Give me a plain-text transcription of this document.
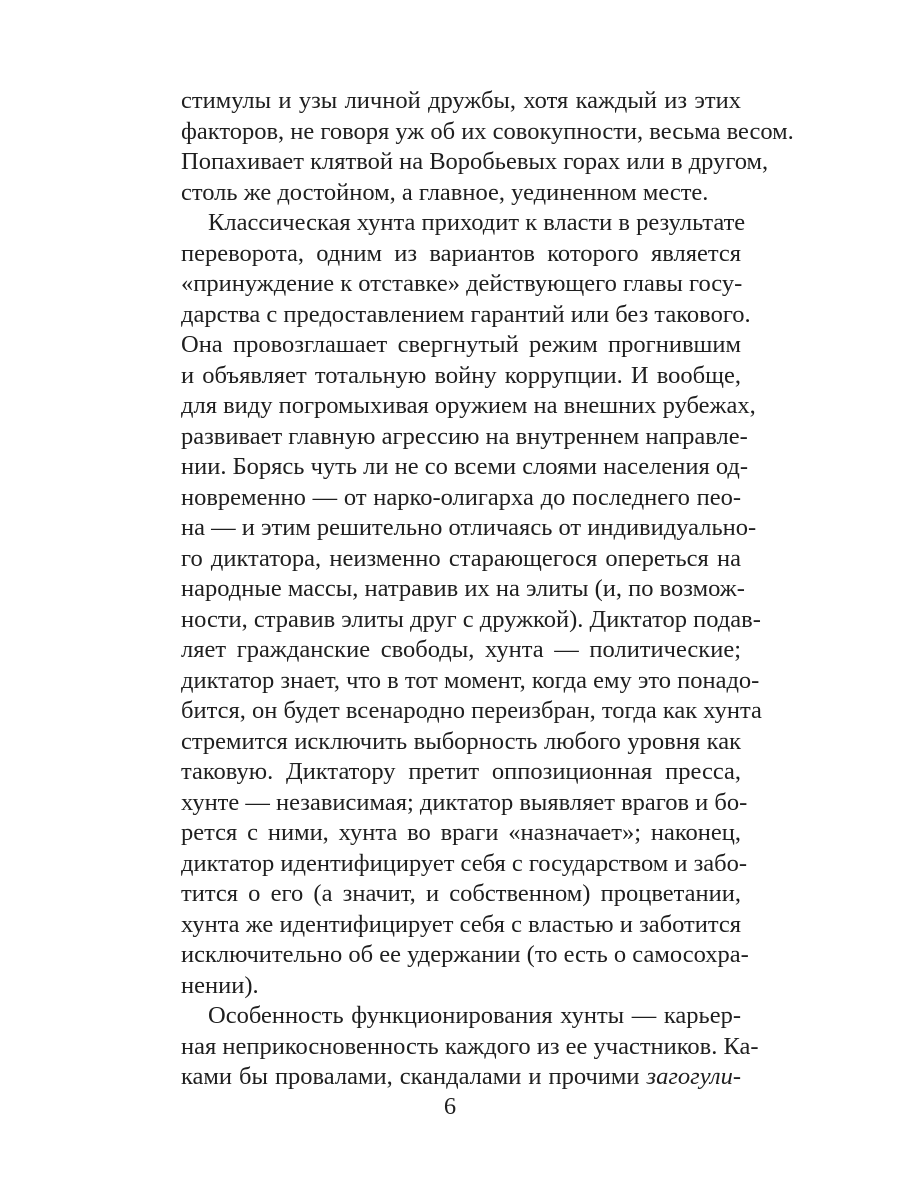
стимулы и узы личной дружбы, хотя каждый из этих
факторов, не говоря уж об их совокупности, весьма весом.
Попахивает клятвой на Воробьевых горах или в другом,
столь же достойном, а главное, уединенном месте.
Классическая хунта приходит к власти в результате
переворота, одним из вариантов которого является
«принуждение к отставке» действующего главы госу-
дарства с предоставлением гарантий или без такового.
Она провозглашает свергнутый режим прогнившим
и объявляет тотальную войну коррупции. И вообще,
для виду погромыхивая оружием на внешних рубежах,
развивает главную агрессию на внутреннем направле-
нии. Борясь чуть ли не со всеми слоями населения од-
новременно — от нарко-олигарха до последнего пео-
на — и этим решительно отличаясь от индивидуально-
го диктатора, неизменно старающегося опереться на
народные массы, натравив их на элиты (и, по возмож-
ности, стравив элиты друг с дружкой). Диктатор подав-
ляет гражданские свободы, хунта — политические;
диктатор знает, что в тот момент, когда ему это понадо-
бится, он будет всенародно переизбран, тогда как хунта
стремится исключить выборность любого уровня как
таковую. Диктатору претит оппозиционная пресса,
хунте — независимая; диктатор выявляет врагов и бо-
рется с ними, хунта во враги «назначает»; наконец,
диктатор идентифицирует себя с государством и забо-
тится о его (а значит, и собственном) процветании,
хунта же идентифицирует себя с властью и заботится
исключительно об ее удержании (то есть о самосохра-
нении).
Особенность функционирования хунты — карьер-
ная неприкосновенность каждого из ее участников. Ка-
ками бы провалами, скандалами и прочими загогули-
6
